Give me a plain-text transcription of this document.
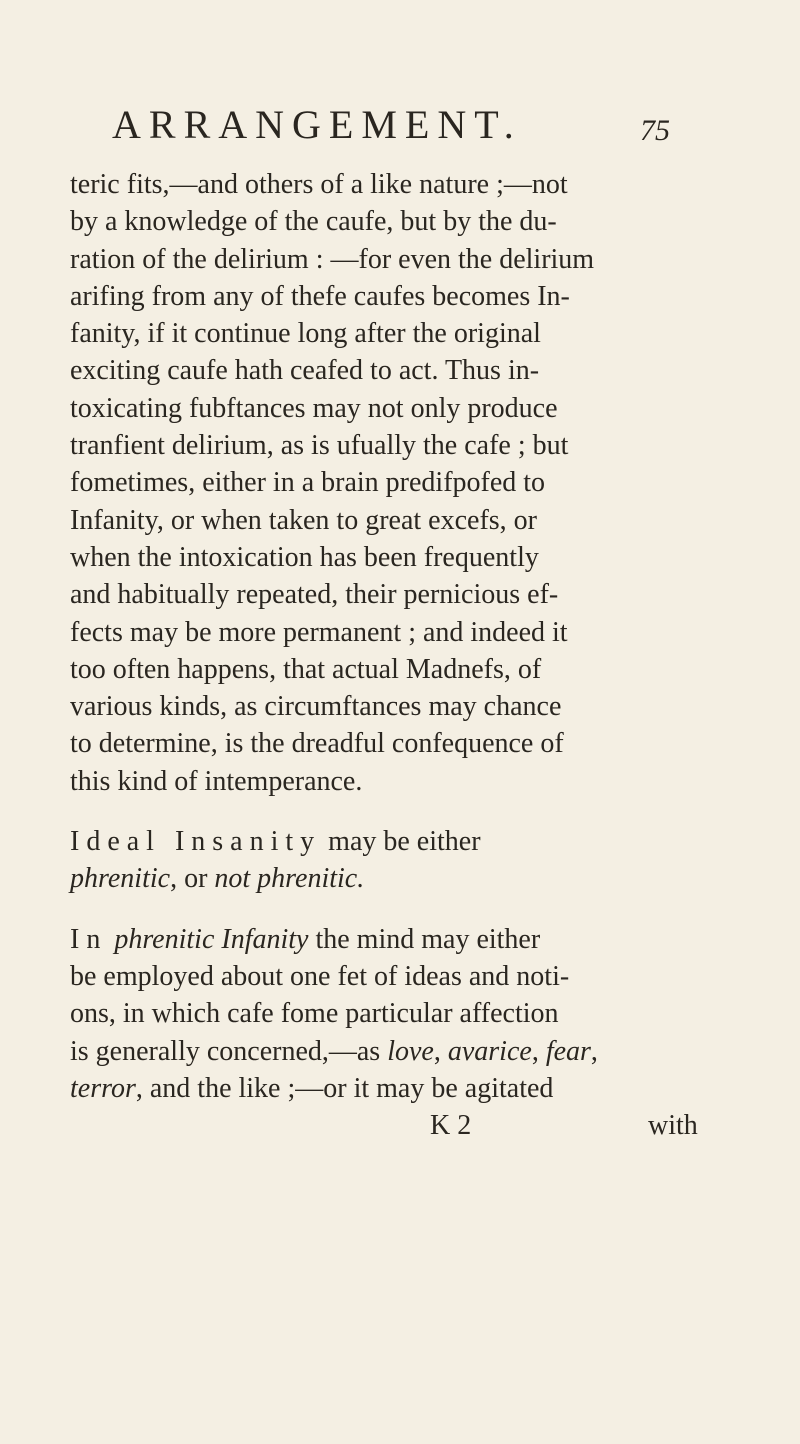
ARRANGEMENT.	75
teric fits,—and others of a like nature ;—not
by a knowledge of the caufe, but by the du-
ration of the delirium : —for even the delirium
arifing from any of thefe caufes becomes In-
fanity, if it continue long after the original
exciting caufe hath ceafed to act. Thus in-
toxicating fubftances may not only produce
tranfient delirium, as is ufually the cafe ; but
fometimes, either in a brain predifpofed to
Infanity, or when taken to great excefs, or
when the intoxication has been frequently
and habitually repeated, their pernicious ef-
fects may be more permanent ; and indeed it
too often happens, that actual Madnefs, of
various kinds, as circumftances may chance
to determine, is the dreadful confequence of
this kind of intemperance.
Ideal Insanity may be either
phrenitic, or not phrenitic.
In phrenitic Infanity the mind may either
be employed about one fet of ideas and noti-
ons, in which cafe fome particular affection
is generally concerned,—as love, avarice, fear,
terror, and the like ;—or it may be agitated
K 2	with
